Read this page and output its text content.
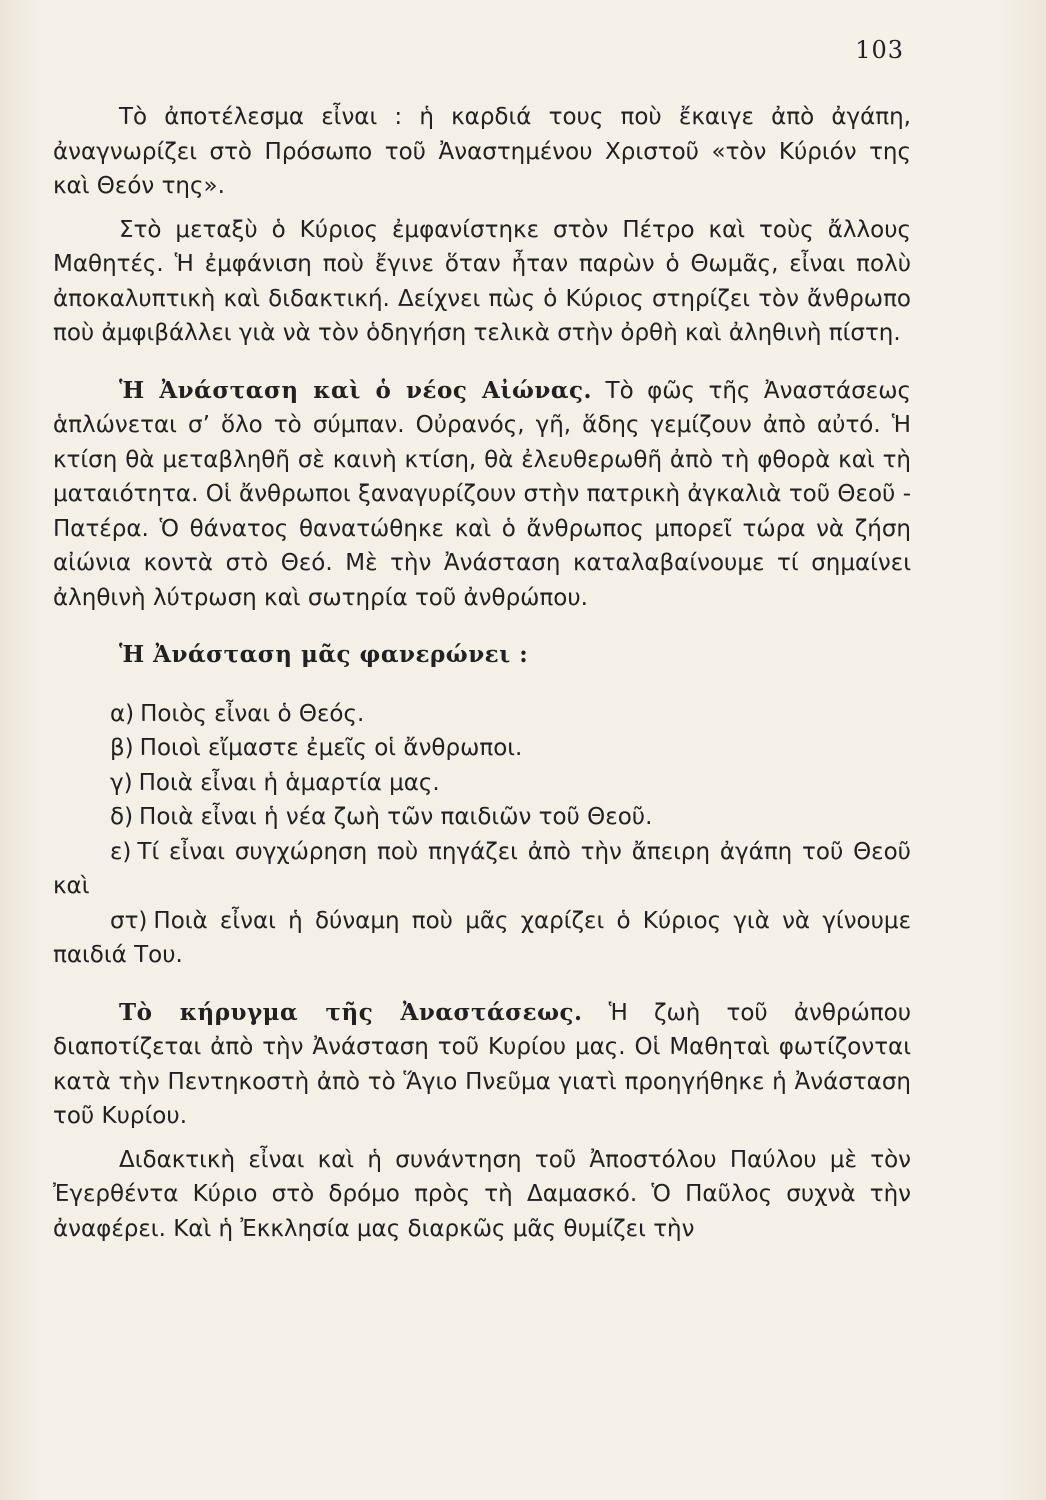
103

Τὸ ἀποτέλεσμα εἶναι : ἡ καρδιά τους ποὺ ἔκαιγε ἀπὸ ἀγάπη, ἀναγνωρίζει στὸ Πρόσωπο τοῦ Ἀναστημένου Χριστοῦ «τὸν Κύριόν της καὶ Θεόν της».

Στὸ μεταξὺ ὁ Κύριος ἐμφανίστηκε στὸν Πέτρο καὶ τοὺς ἄλλους Μαθητές. Ἡ ἐμφάνιση ποὺ ἔγινε ὅταν ἦταν παρὼν ὁ Θωμᾶς, εἶναι πολὺ ἀποκαλυπτικὴ καὶ διδακτική. Δείχνει πὼς ὁ Κύριος στηρίζει τὸν ἄνθρωπο ποὺ ἀμφιβάλλει γιὰ νὰ τὸν ὁδηγήση τελικὰ στὴν ὀρθὴ καὶ ἀληθινὴ πίστη.

Ἡ Ἀνάσταση καὶ ὁ νέος Αἰώνας. Τὸ φῶς τῆς Ἀναστάσεως ἁπλώνεται σ’ ὅλο τὸ σύμπαν. Οὐρανός, γῆ, ἅδης γεμίζουν ἀπὸ αὐτό. Ἡ κτίση θὰ μεταβληθῆ σὲ καινὴ κτίση, θὰ ἐλευθερωθῆ ἀπὸ τὴ φθορὰ καὶ τὴ ματαιότητα. Οἱ ἄνθρωποι ξαναγυρίζουν στὴν πατρικὴ ἀγκαλιὰ τοῦ Θεοῦ - Πατέρα. Ὁ θάνατος θανατώθηκε καὶ ὁ ἄνθρωπος μπορεῖ τώρα νὰ ζήση αἰώνια κοντὰ στὸ Θεό. Μὲ τὴν Ἀνάσταση καταλαβαίνουμε τί σημαίνει ἀληθινὴ λύτρωση καὶ σωτηρία τοῦ ἀνθρώπου.

Ἡ Ἀνάσταση μᾶς φανερώνει :

α) Ποιὸς εἶναι ὁ Θεός.

β) Ποιοὶ εἴμαστε ἐμεῖς οἱ ἄνθρωποι.

γ) Ποιὰ εἶναι ἡ ἁμαρτία μας.

δ) Ποιὰ εἶναι ἡ νέα ζωὴ τῶν παιδιῶν τοῦ Θεοῦ.

ε) Τί εἶναι συγχώρηση ποὺ πηγάζει ἀπὸ τὴν ἄπειρη ἀγάπη τοῦ Θεοῦ καὶ

στ) Ποιὰ εἶναι ἡ δύναμη ποὺ μᾶς χαρίζει ὁ Κύριος γιὰ νὰ γίνουμε παιδιά Του.

Τὸ κήρυγμα τῆς Ἀναστάσεως. Ἡ ζωὴ τοῦ ἀνθρώπου διαποτίζεται ἀπὸ τὴν Ἀνάσταση τοῦ Κυρίου μας. Οἱ Μαθηταὶ φωτίζονται κατὰ τὴν Πεντηκοστὴ ἀπὸ τὸ Ἅγιο Πνεῦμα γιατὶ προηγήθηκε ἡ Ἀνάσταση τοῦ Κυρίου.

Διδακτικὴ εἶναι καὶ ἡ συνάντηση τοῦ Ἀποστόλου Παύλου μὲ τὸν Ἐγερθέντα Κύριο στὸ δρόμο πρὸς τὴ Δαμασκό. Ὁ Παῦλος συχνὰ τὴν ἀναφέρει. Καὶ ἡ Ἐκκλησία μας διαρκῶς μᾶς θυμίζει τὴν
